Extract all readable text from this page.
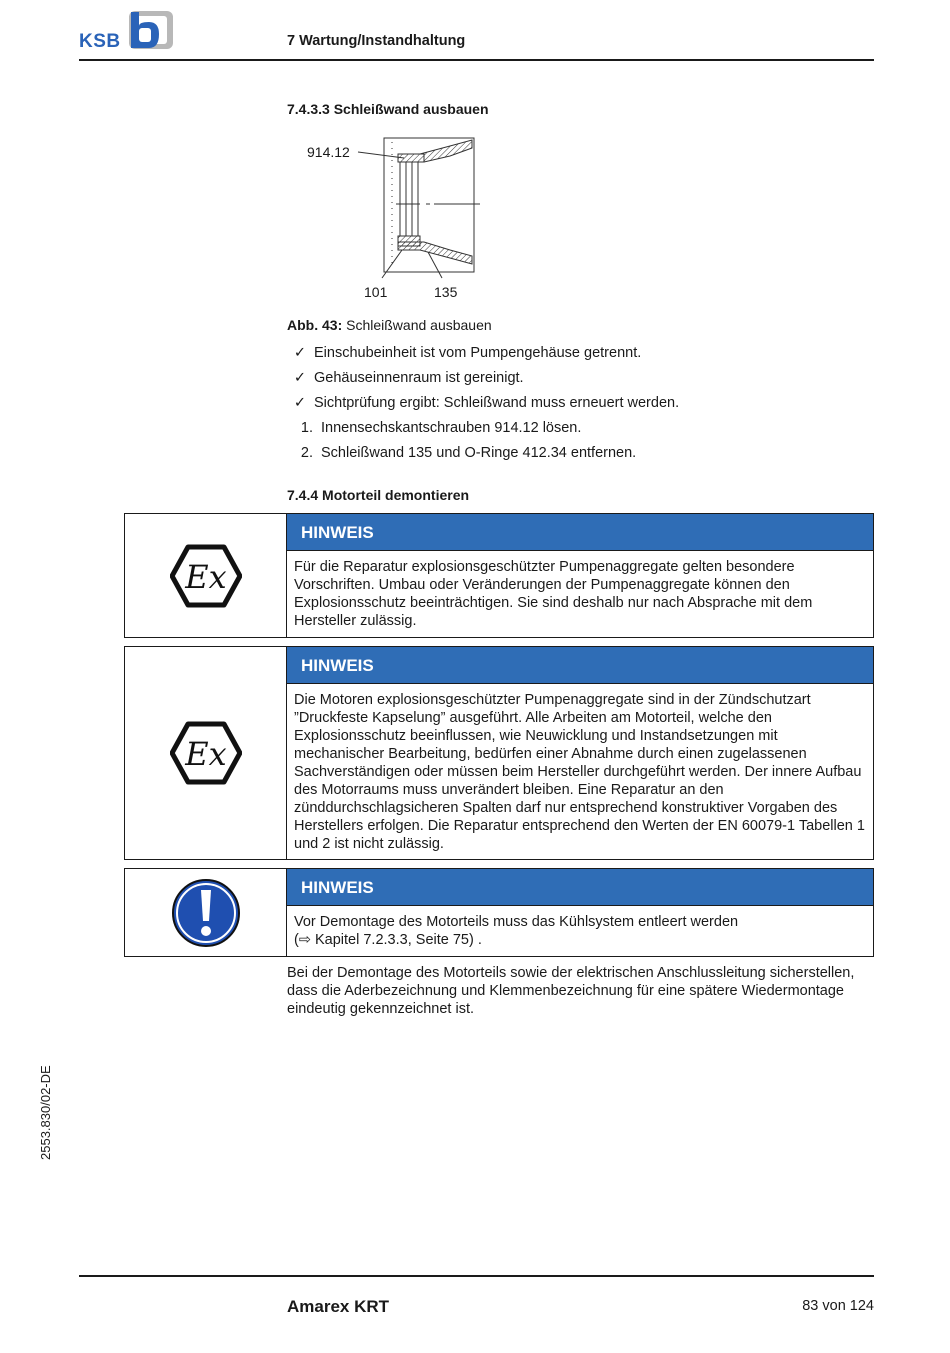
KSB	7 Wartung/Instandhaltung
7.4.3.3 Schleißwand ausbauen
914.12
101	135
Abb. 43: Schleißwand ausbauen
✓ Einschubeinheit ist vom Pumpengehäuse getrennt.
✓ Gehäuseinnenraum ist gereinigt.
✓ Sichtprüfung ergibt: Schleißwand muss erneuert werden.
1. Innensechskantschrauben 914.12 lösen.
2. Schleißwand 135 und O-Ringe 412.34 entfernen.
7.4.4 Motorteil demontieren
Ex
HINWEIS
Für die Reparatur explosionsgeschützter Pumpenaggregate gelten besondere Vorschriften. Umbau oder Veränderungen der Pumpenaggregate können den Explosionsschutz beeinträchtigen. Sie sind deshalb nur nach Absprache mit dem Hersteller zulässig.
Ex
HINWEIS
Die Motoren explosionsgeschützter Pumpenaggregate sind in der Zündschutzart ”Druckfeste Kapselung” ausgeführt. Alle Arbeiten am Motorteil, welche den Explosionsschutz beeinflussen, wie Neuwicklung und Instandsetzungen mit mechanischer Bearbeitung, bedürfen einer Abnahme durch einen zugelassenen Sachverständigen oder müssen beim Hersteller durchgeführt werden. Der innere Aufbau des Motorraums muss unverändert bleiben. Eine Reparatur an den zünddurchschlagsicheren Spalten darf nur entsprechend konstruktiver Vorgaben des Herstellers erfolgen. Die Reparatur entsprechend den Werten der EN 60079-1 Tabellen 1 und 2 ist nicht zulässig.
HINWEIS
Vor Demontage des Motorteils muss das Kühlsystem entleert werden
(⇨ Kapitel 7.2.3.3, Seite 75) .
Bei der Demontage des Motorteils sowie der elektrischen Anschlussleitung sicherstellen, dass die Aderbezeichnung und Klemmenbezeichnung für eine spätere Wiedermontage eindeutig gekennzeichnet ist.
2553.830/02-DE
Amarex KRT	83 von 124
